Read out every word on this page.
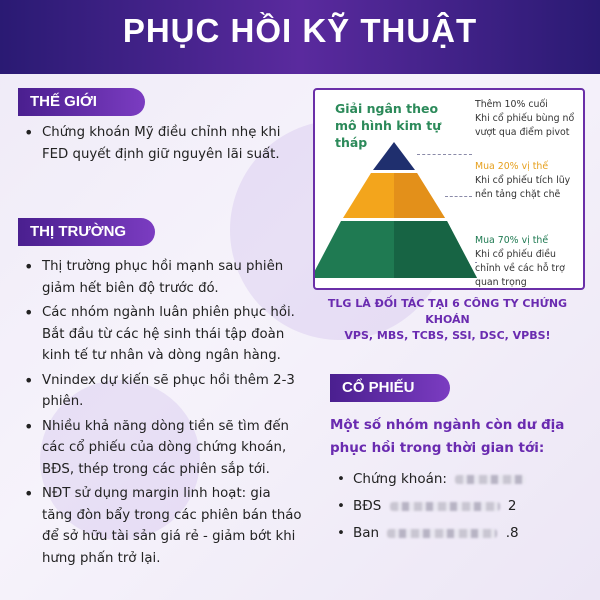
PHỤC HỒI KỸ THUẬT
THẾ GIỚI
• Chứng khoán Mỹ điều chỉnh nhẹ khi FED quyết định giữ nguyên lãi suất.
THỊ TRƯỜNG
• Thị trường phục hồi mạnh sau phiên giảm hết biên độ trước đó.
• Các nhóm ngành luân phiên phục hồi. Bắt đầu từ các hệ sinh thái tập đoàn kinh tế tư nhân và dòng ngân hàng.
• Vnindex dự kiến sẽ phục hồi thêm 2-3 phiên.
• Nhiều khả năng dòng tiền sẽ tìm đến các cổ phiếu của dòng chứng khoán, BĐS, thép trong các phiên sắp tới.
• NĐT sử dụng margin linh hoạt: gia tăng đòn bẩy trong các phiên bán tháo để sở hữu tài sản giá rẻ - giảm bớt khi hưng phấn trở lại.
Giải ngân theo mô hình kim tự tháp
Thêm 10% cuối
Khi cổ phiếu bùng nổ vượt qua điểm pivot
Mua 20% vị thế
Khi cổ phiếu tích lũy nền tảng chặt chẽ
Mua 70% vị thế
Khi cổ phiếu điều chỉnh về các hỗ trợ quan trọng
TLG LÀ ĐỐI TÁC TẠI 6 CÔNG TY CHỨNG KHOÁN
VPS, MBS, TCBS, SSI, DSC, VPBS!
CỔ PHIẾU
Một số nhóm ngành còn dư địa phục hồi trong thời gian tới:
• Chứng khoán:
• BĐS	2
• Ban	.8
